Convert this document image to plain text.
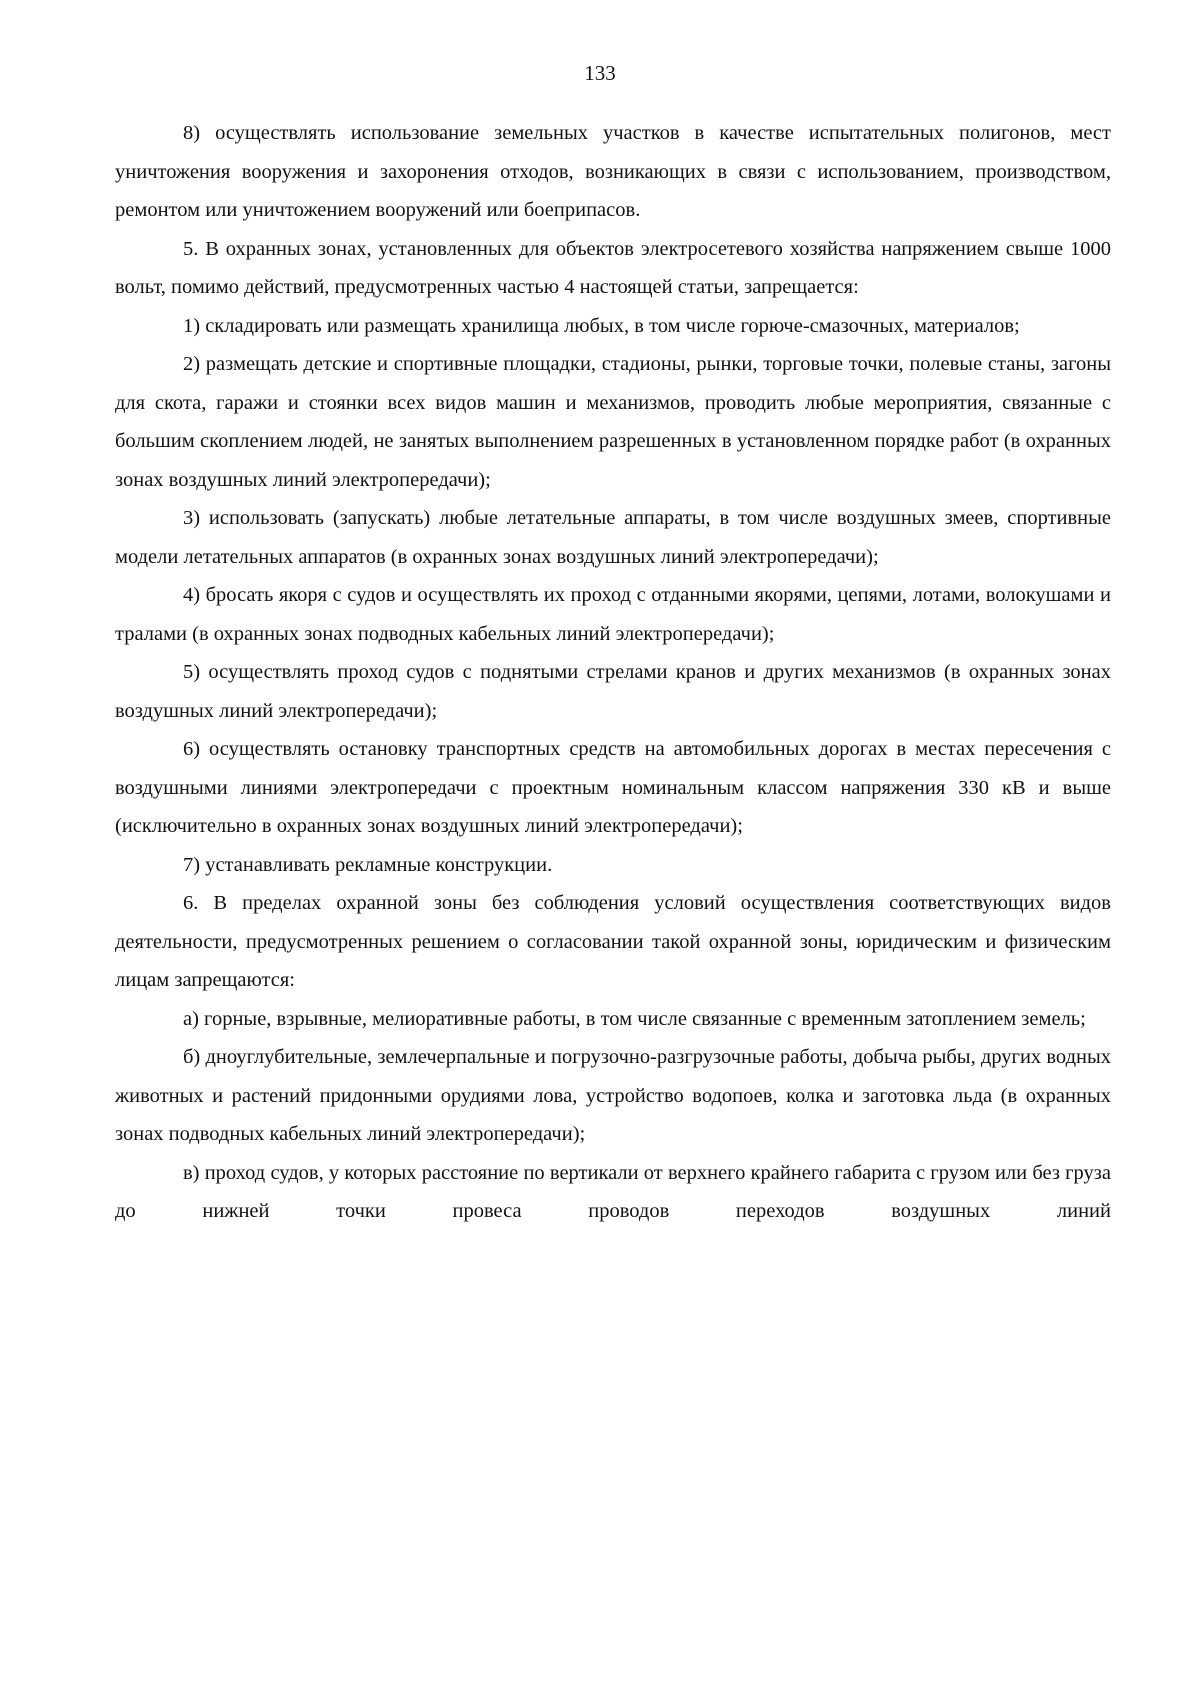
133

8) осуществлять использование земельных участков в качестве испытательных полигонов, мест уничтожения вооружения и захоронения отходов, возникающих в связи с использованием, производством, ремонтом или уничтожением вооружений или боеприпасов.

5. В охранных зонах, установленных для объектов электросетевого хозяйства напряжением свыше 1000 вольт, помимо действий, предусмотренных частью 4 настоящей статьи, запрещается:

1) складировать или размещать хранилища любых, в том числе горюче-смазочных, материалов;

2) размещать детские и спортивные площадки, стадионы, рынки, торговые точки, полевые станы, загоны для скота, гаражи и стоянки всех видов машин и механизмов, проводить любые мероприятия, связанные с большим скоплением людей, не занятых выполнением разрешенных в установленном порядке работ (в охранных зонах воздушных линий электропередачи);

3) использовать (запускать) любые летательные аппараты, в том числе воздушных змеев, спортивные модели летательных аппаратов (в охранных зонах воздушных линий электропередачи);

4) бросать якоря с судов и осуществлять их проход с отданными якорями, цепями, лотами, волокушами и тралами (в охранных зонах подводных кабельных линий электропередачи);

5) осуществлять проход судов с поднятыми стрелами кранов и других механизмов (в охранных зонах воздушных линий электропередачи);

6) осуществлять остановку транспортных средств на автомобильных дорогах в местах пересечения с воздушными линиями электропередачи с проектным номинальным классом напряжения 330 кВ и выше (исключительно в охранных зонах воздушных линий электропередачи);

7) устанавливать рекламные конструкции.

6. В пределах охранной зоны без соблюдения условий осуществления соответствующих видов деятельности, предусмотренных решением о согласовании такой охранной зоны, юридическим и физическим лицам запрещаются:

а) горные, взрывные, мелиоративные работы, в том числе связанные с временным затоплением земель;

б) дноуглубительные, землечерпальные и погрузочно-разгрузочные работы, добыча рыбы, других водных животных и растений придонными орудиями лова, устройство водопоев, колка и заготовка льда (в охранных зонах подводных кабельных линий электропередачи);

в) проход судов, у которых расстояние по вертикали от верхнего крайнего габарита с грузом или без груза до нижней точки провеса проводов переходов воздушных линий
